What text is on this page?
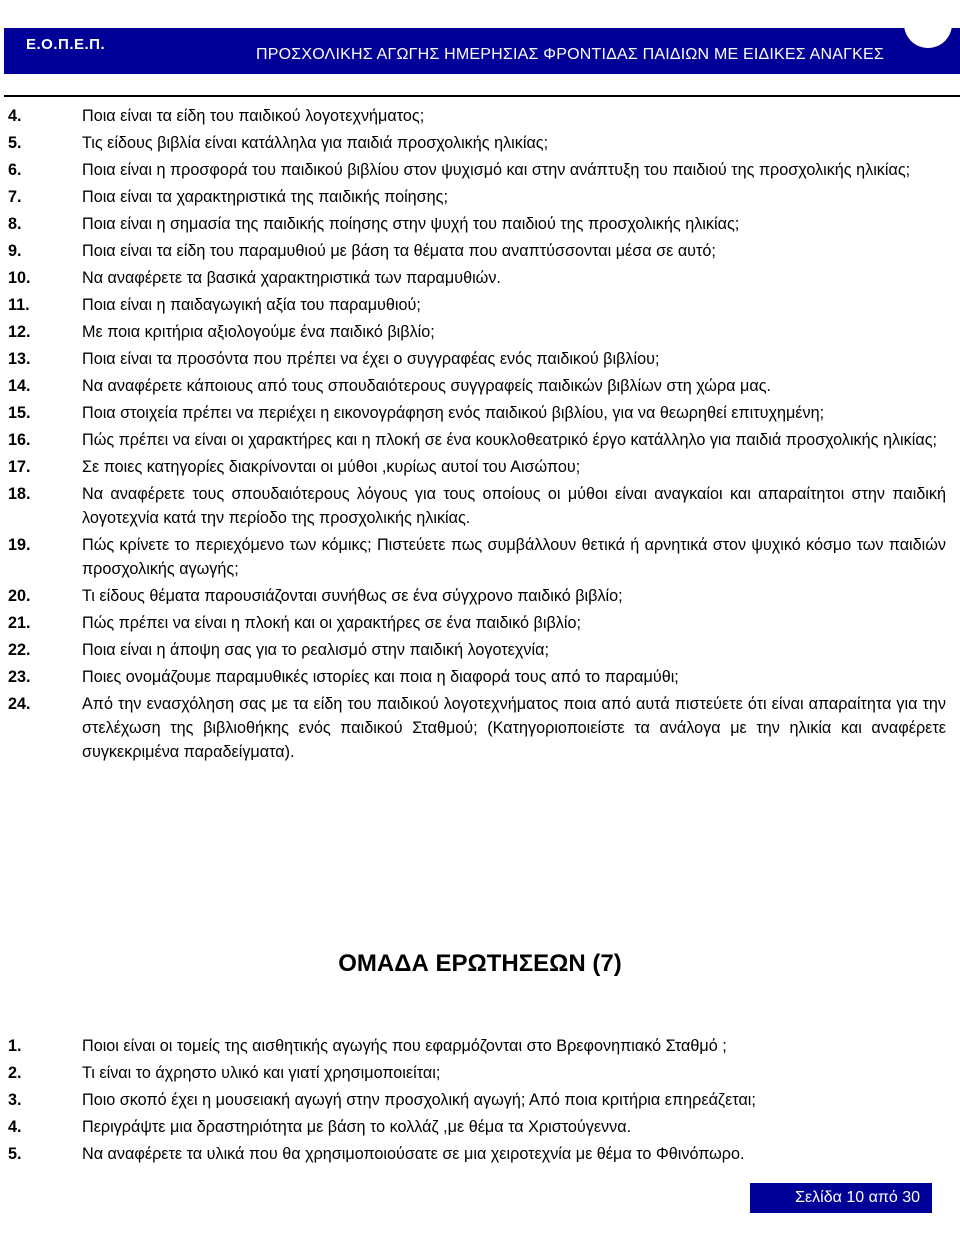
Ε.Ο.Π.Ε.Π.
ΠΡΟΣΧΟΛΙΚΗΣ ΑΓΩΓΗΣ ΗΜΕΡΗΣΙΑΣ ΦΡΟΝΤΙΔΑΣ ΠΑΙΔΙΩΝ ΜΕ ΕΙΔΙΚΕΣ ΑΝΑΓΚΕΣ
4.	Ποια είναι τα είδη του παιδικού λογοτεχνήματος;
5.	Τις είδους βιβλία είναι κατάλληλα για παιδιά προσχολικής ηλικίας;
6.	Ποια είναι η προσφορά του παιδικού βιβλίου στον ψυχισμό και στην ανάπτυξη του παιδιού της προσχολικής ηλικίας;
7.	Ποια είναι τα χαρακτηριστικά της παιδικής ποίησης;
8.	Ποια είναι η σημασία της παιδικής ποίησης στην ψυχή του παιδιού της προσχολικής ηλικίας;
9.	Ποια είναι τα είδη του παραμυθιού με βάση τα θέματα που αναπτύσσονται μέσα σε αυτό;
10.	Να αναφέρετε τα βασικά χαρακτηριστικά των παραμυθιών.
11.	Ποια είναι η παιδαγωγική αξία του παραμυθιού;
12.	Με ποια κριτήρια αξιολογούμε ένα παιδικό βιβλίο;
13.	Ποια είναι τα προσόντα που πρέπει να έχει ο συγγραφέας ενός παιδικού βιβλίου;
14.	Να αναφέρετε κάποιους από τους σπουδαιότερους συγγραφείς παιδικών βιβλίων στη χώρα μας.
15.	Ποια στοιχεία πρέπει να περιέχει η εικονογράφηση ενός παιδικού βιβλίου, για να θεωρηθεί επιτυχημένη;
16.	Πώς πρέπει να είναι οι χαρακτήρες και η πλοκή σε ένα κουκλοθεατρικό έργο κατάλληλο για παιδιά προσχολικής ηλικίας;
17.	Σε ποιες κατηγορίες διακρίνονται οι μύθοι ,κυρίως αυτοί του Αισώπου;
18.	Να αναφέρετε τους σπουδαιότερους λόγους για τους οποίους οι μύθοι είναι αναγκαίοι και απαραίτητοι στην παιδική λογοτεχνία κατά την περίοδο της προσχολικής ηλικίας.
19.	Πώς κρίνετε το περιεχόμενο των κόμικς; Πιστεύετε πως συμβάλλουν θετικά ή αρνητικά στον ψυχικό κόσμο των παιδιών προσχολικής αγωγής;
20.	Τι είδους θέματα παρουσιάζονται συνήθως σε ένα σύγχρονο παιδικό βιβλίο;
21.	Πώς πρέπει να είναι η πλοκή και οι χαρακτήρες σε ένα παιδικό βιβλίο;
22.	Ποια είναι η άποψη σας για το ρεαλισμό στην παιδική λογοτεχνία;
23.	Ποιες ονομάζουμε παραμυθικές ιστορίες και ποια η διαφορά τους από το παραμύθι;
24.	Από την ενασχόληση σας με τα είδη του παιδικού λογοτεχνήματος ποια από αυτά πιστεύετε ότι είναι απαραίτητα για την στελέχωση της βιβλιοθήκης ενός παιδικού Σταθμού; (Κατηγοριοποιείστε τα ανάλογα με την ηλικία και αναφέρετε συγκεκριμένα παραδείγματα).
ΟΜΑΔΑ ΕΡΩΤΗΣΕΩΝ (7)
1.	Ποιοι είναι οι τομείς της αισθητικής αγωγής που εφαρμόζονται στο Βρεφονηπιακό Σταθμό ;
2.	Τι είναι το άχρηστο υλικό και γιατί χρησιμοποιείται;
3.	Ποιο σκοπό έχει η μουσειακή αγωγή στην προσχολική αγωγή; Από ποια κριτήρια επηρεάζεται;
4.	Περιγράψτε μια δραστηριότητα με βάση το κολλάζ ,με θέμα τα Χριστούγεννα.
5.	Να αναφέρετε τα υλικά που θα χρησιμοποιούσατε σε μια χειροτεχνία με θέμα το Φθινόπωρο.
Σελίδα 10 από 30
